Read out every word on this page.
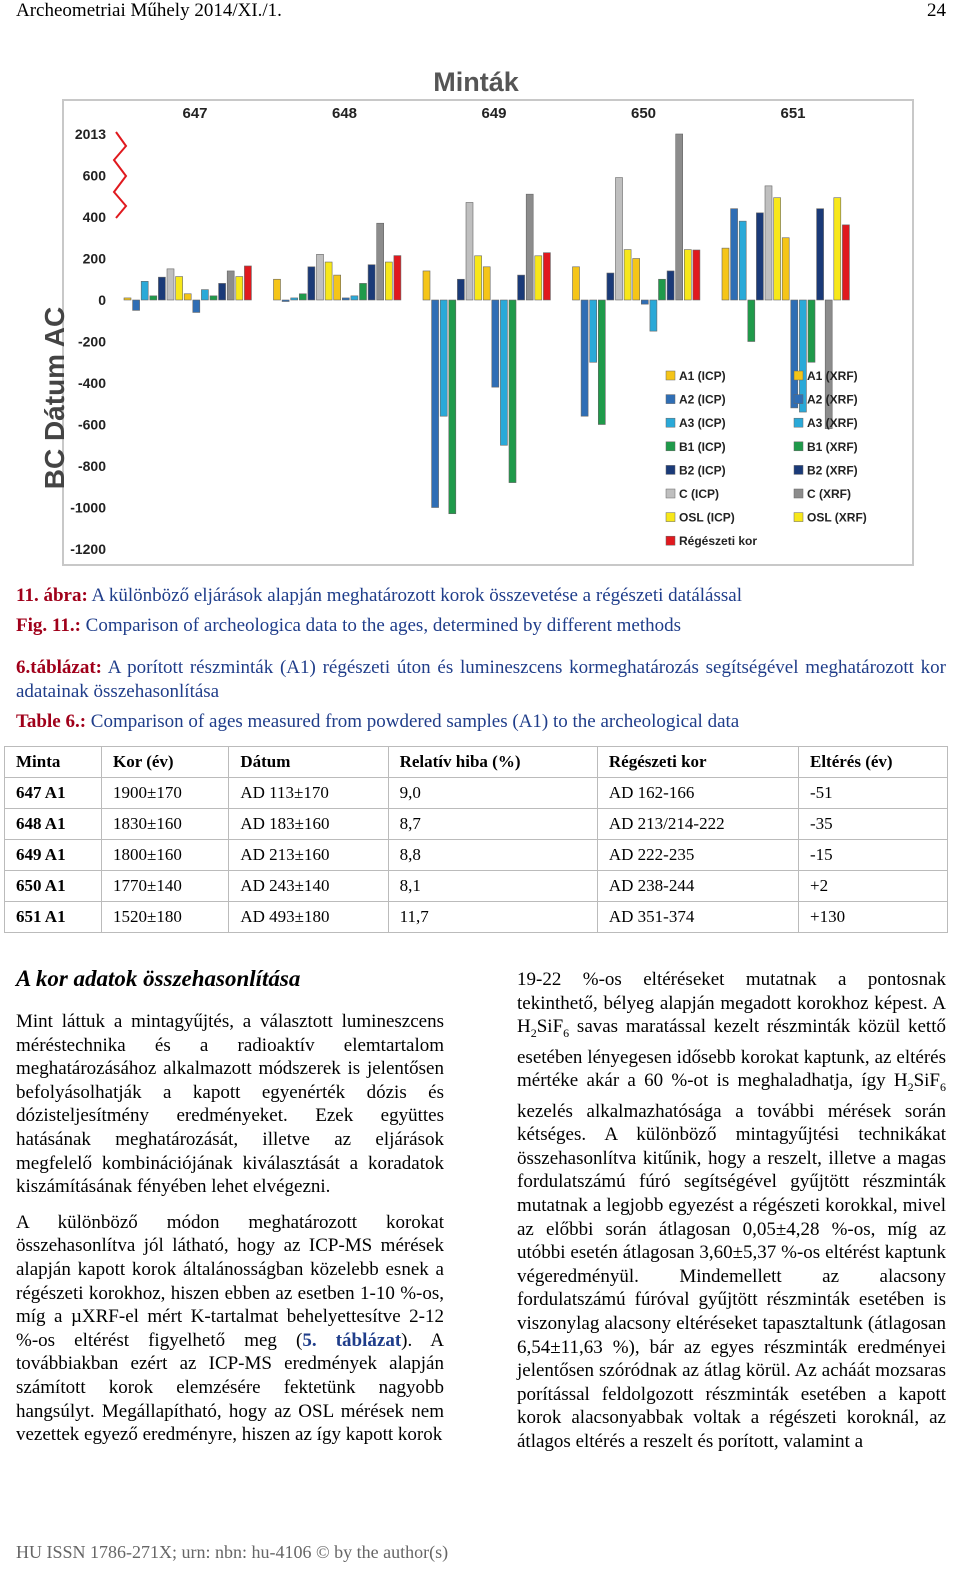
Archeometriai Műhely 2014/XI./1.	24
Minták
BC Dátum AC
2013
600
400
200
0
-200
-400
-600
-800
-1000
-1200
647	648	649	650	651
A1 (ICP)
A2 (ICP)
A3 (ICP)
B1 (ICP)
B2 (ICP)
C (ICP)
OSL (ICP)
A1 (XRF)
A2 (XRF)
A3 (XRF)
B1 (XRF)
B2 (XRF)
C (XRF)
OSL (XRF)
Régészeti kor
11. ábra: A különböző eljárások alapján meghatározott korok összevetése a régészeti datálással
Fig. 11.: Comparison of archeologica data to the ages, determined by different methods
6.táblázat: A porított részminták (A1) régészeti úton és lumineszcens kormeghatározás segítségével meghatározott kor adatainak összehasonlítása
Table 6.: Comparison of ages measured from powdered samples (A1) to the archeological data
Minta	Kor (év)	Dátum	Relatív hiba (%)	Régészeti kor	Eltérés (év)
647 A1	1900±170	AD 113±170	9,0	AD 162-166	-51
648 A1	1830±160	AD 183±160	8,7	AD 213/214-222	-35
649 A1	1800±160	AD 213±160	8,8	AD 222-235	-15
650 A1	1770±140	AD 243±140	8,1	AD 238-244	+2
651 A1	1520±180	AD 493±180	11,7	AD 351-374	+130
A kor adatok összehasonlítása

Mint láttuk a mintagyűjtés, a választott lumineszcens méréstechnika és a radioaktív elemtartalom meghatározásához alkalmazott módszerek is jelentősen befolyásolhatják a kapott egyenérték dózis és dózisteljesítmény eredményeket. Ezek együttes hatásának meghatározását, illetve az eljárások megfelelő kombinációjának kiválasztását a koradatok kiszámításának fényében lehet elvégezni.

A különböző módon meghatározott korokat összehasonlítva jól látható, hogy az ICP-MS mérések alapján kapott korok általánosságban közelebb esnek a régészeti korokhoz, hiszen ebben az esetben 1-10 %-os, míg a µXRF-el mért K-tartalmat behelyettesítve 2-12 %-os eltérést figyelhető meg (5. táblázat). A továbbiakban ezért az ICP-MS eredmények alapján számított korok elemzésére fektetünk nagyobb hangsúlyt. Megállapítható, hogy az OSL mérések nem vezettek egyező eredményre, hiszen az így kapott korok

19-22 %-os eltéréseket mutatnak a pontosnak tekinthető, bélyeg alapján megadott korokhoz képest. A $H_2SiF_6$ savas maratással kezelt részminták közül kettő esetében lényegesen idősebb korokat kaptunk, az eltérés mértéke akár a 60 %-ot is meghaladhatja, így $H_2SiF_6$ kezelés alkalmazhatósága a további mérések során kétséges. A különböző mintagyűjtési technikákat összehasonlítva kitűnik, hogy a reszelt, illetve a magas fordulatszámú fúró segítségével gyűjtött részminták mutatnak a legjobb egyezést a régészeti korokkal, mivel az előbbi során átlagosan 0,05±4,28 %-os, míg az utóbbi esetén átlagosan 3,60±5,37 %-os eltérést kaptunk végeredményül. Mindemellett az alacsony fordulatszámú fúróval gyűjtött részminták esetében is viszonylag alacsony eltéréseket tapasztaltunk (átlagosan 6,54±11,63 %), bár az egyes részminták eredményei jelentősen szóródnak az átlag körül. Az acháát mozsaras porítással feldolgozott részminták esetében a kapott korok alacsonyabbak voltak a régészeti koroknál, az átlagos eltérés a reszelt és porított, valamint a

HU ISSN 1786-271X; urn: nbn: hu-4106 © by the author(s)
